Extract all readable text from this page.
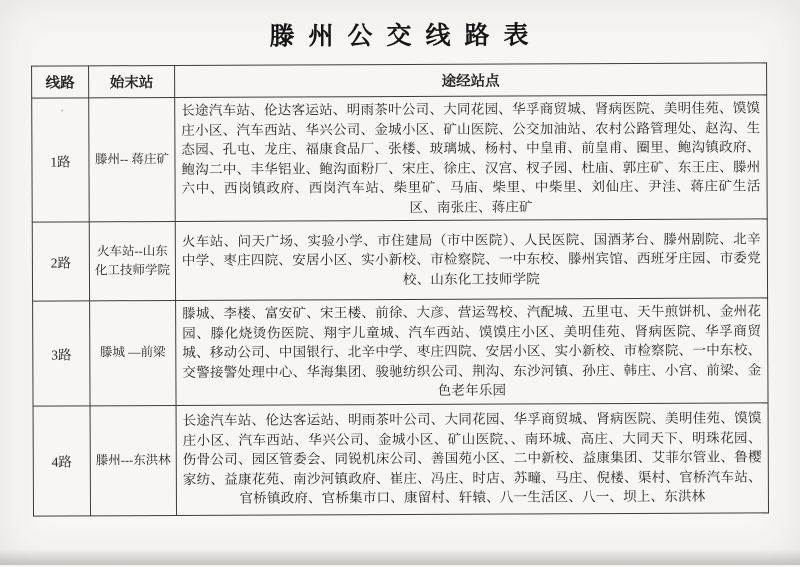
滕州公交线路表
线路	始末站	途经站点
1路	滕州-- 蒋庄矿	长途汽车站、伦达客运站、明雨茶叶公司、大同花园、华孚商贸城、肾病医院、美明佳苑、馍馍庄小区、汽车西站、华兴公司、金城小区、矿山医院、公交加油站、农村公路管理处、赵沟、生态园、孔屯、龙庄、福康食品厂、张楼、玻璃城、杨村、中皇甫、前皇甫、圈里、鲍沟镇政府、鲍沟二中、丰华铝业、鲍沟面粉厂、宋庄、徐庄、汉宫、杈子园、杜庙、郭庄矿、东王庄、滕州六中、西岗镇政府、西岗汽车站、柴里矿、马庙、柴里、中柴里、刘仙庄、尹洼、蒋庄矿生活区、南张庄、蒋庄矿
2路	火车站--山东化工技师学院	火车站、问天广场、实验小学、市住建局（市中医院）、人民医院、国酒茅台、滕州剧院、北辛中学、枣庄四院、安居小区、实小新校、市检察院、一中东校、滕州宾馆、西班牙庄园、市委党校、山东化工技师学院
3路	滕城 —前梁	滕城、李楼、富安矿、宋王楼、前徐、大彦、营运驾校、汽配城、五里屯、天牛煎饼机、金州花园、滕化烧烫伤医院、翔宇儿童城、汽车西站、馍馍庄小区、美明佳苑、肾病医院、华孚商贸城、移动公司、中国银行、北辛中学、枣庄四院、安居小区、实小新校、市检察院、一中东校、交警接警处理中心、华海集团、骏驰纺织公司、荆沟、东沙河镇、孙庄、韩庄、小宫、前梁、金色老年乐园
4路	滕州---东洪林	长途汽车站、伦达客运站、明雨茶叶公司、大同花园、华孚商贸城、肾病医院、美明佳苑、馍馍庄小区、汽车西站、华兴公司、金城小区、矿山医院、、南环城、高庄、大同天下、明珠花园、伤骨公司、园区管委会、同锐机床公司、善国苑小区、二中新校、益康集团、艾菲尔管业、鲁樱家纺、益康花苑、南沙河镇政府、崔庄、冯庄、时店、苏疃、马庄、倪楼、渠村、官桥汽车站、官桥镇政府、官桥集市口、康留村、轩辕、八一生活区、八一、坝上、东洪林
